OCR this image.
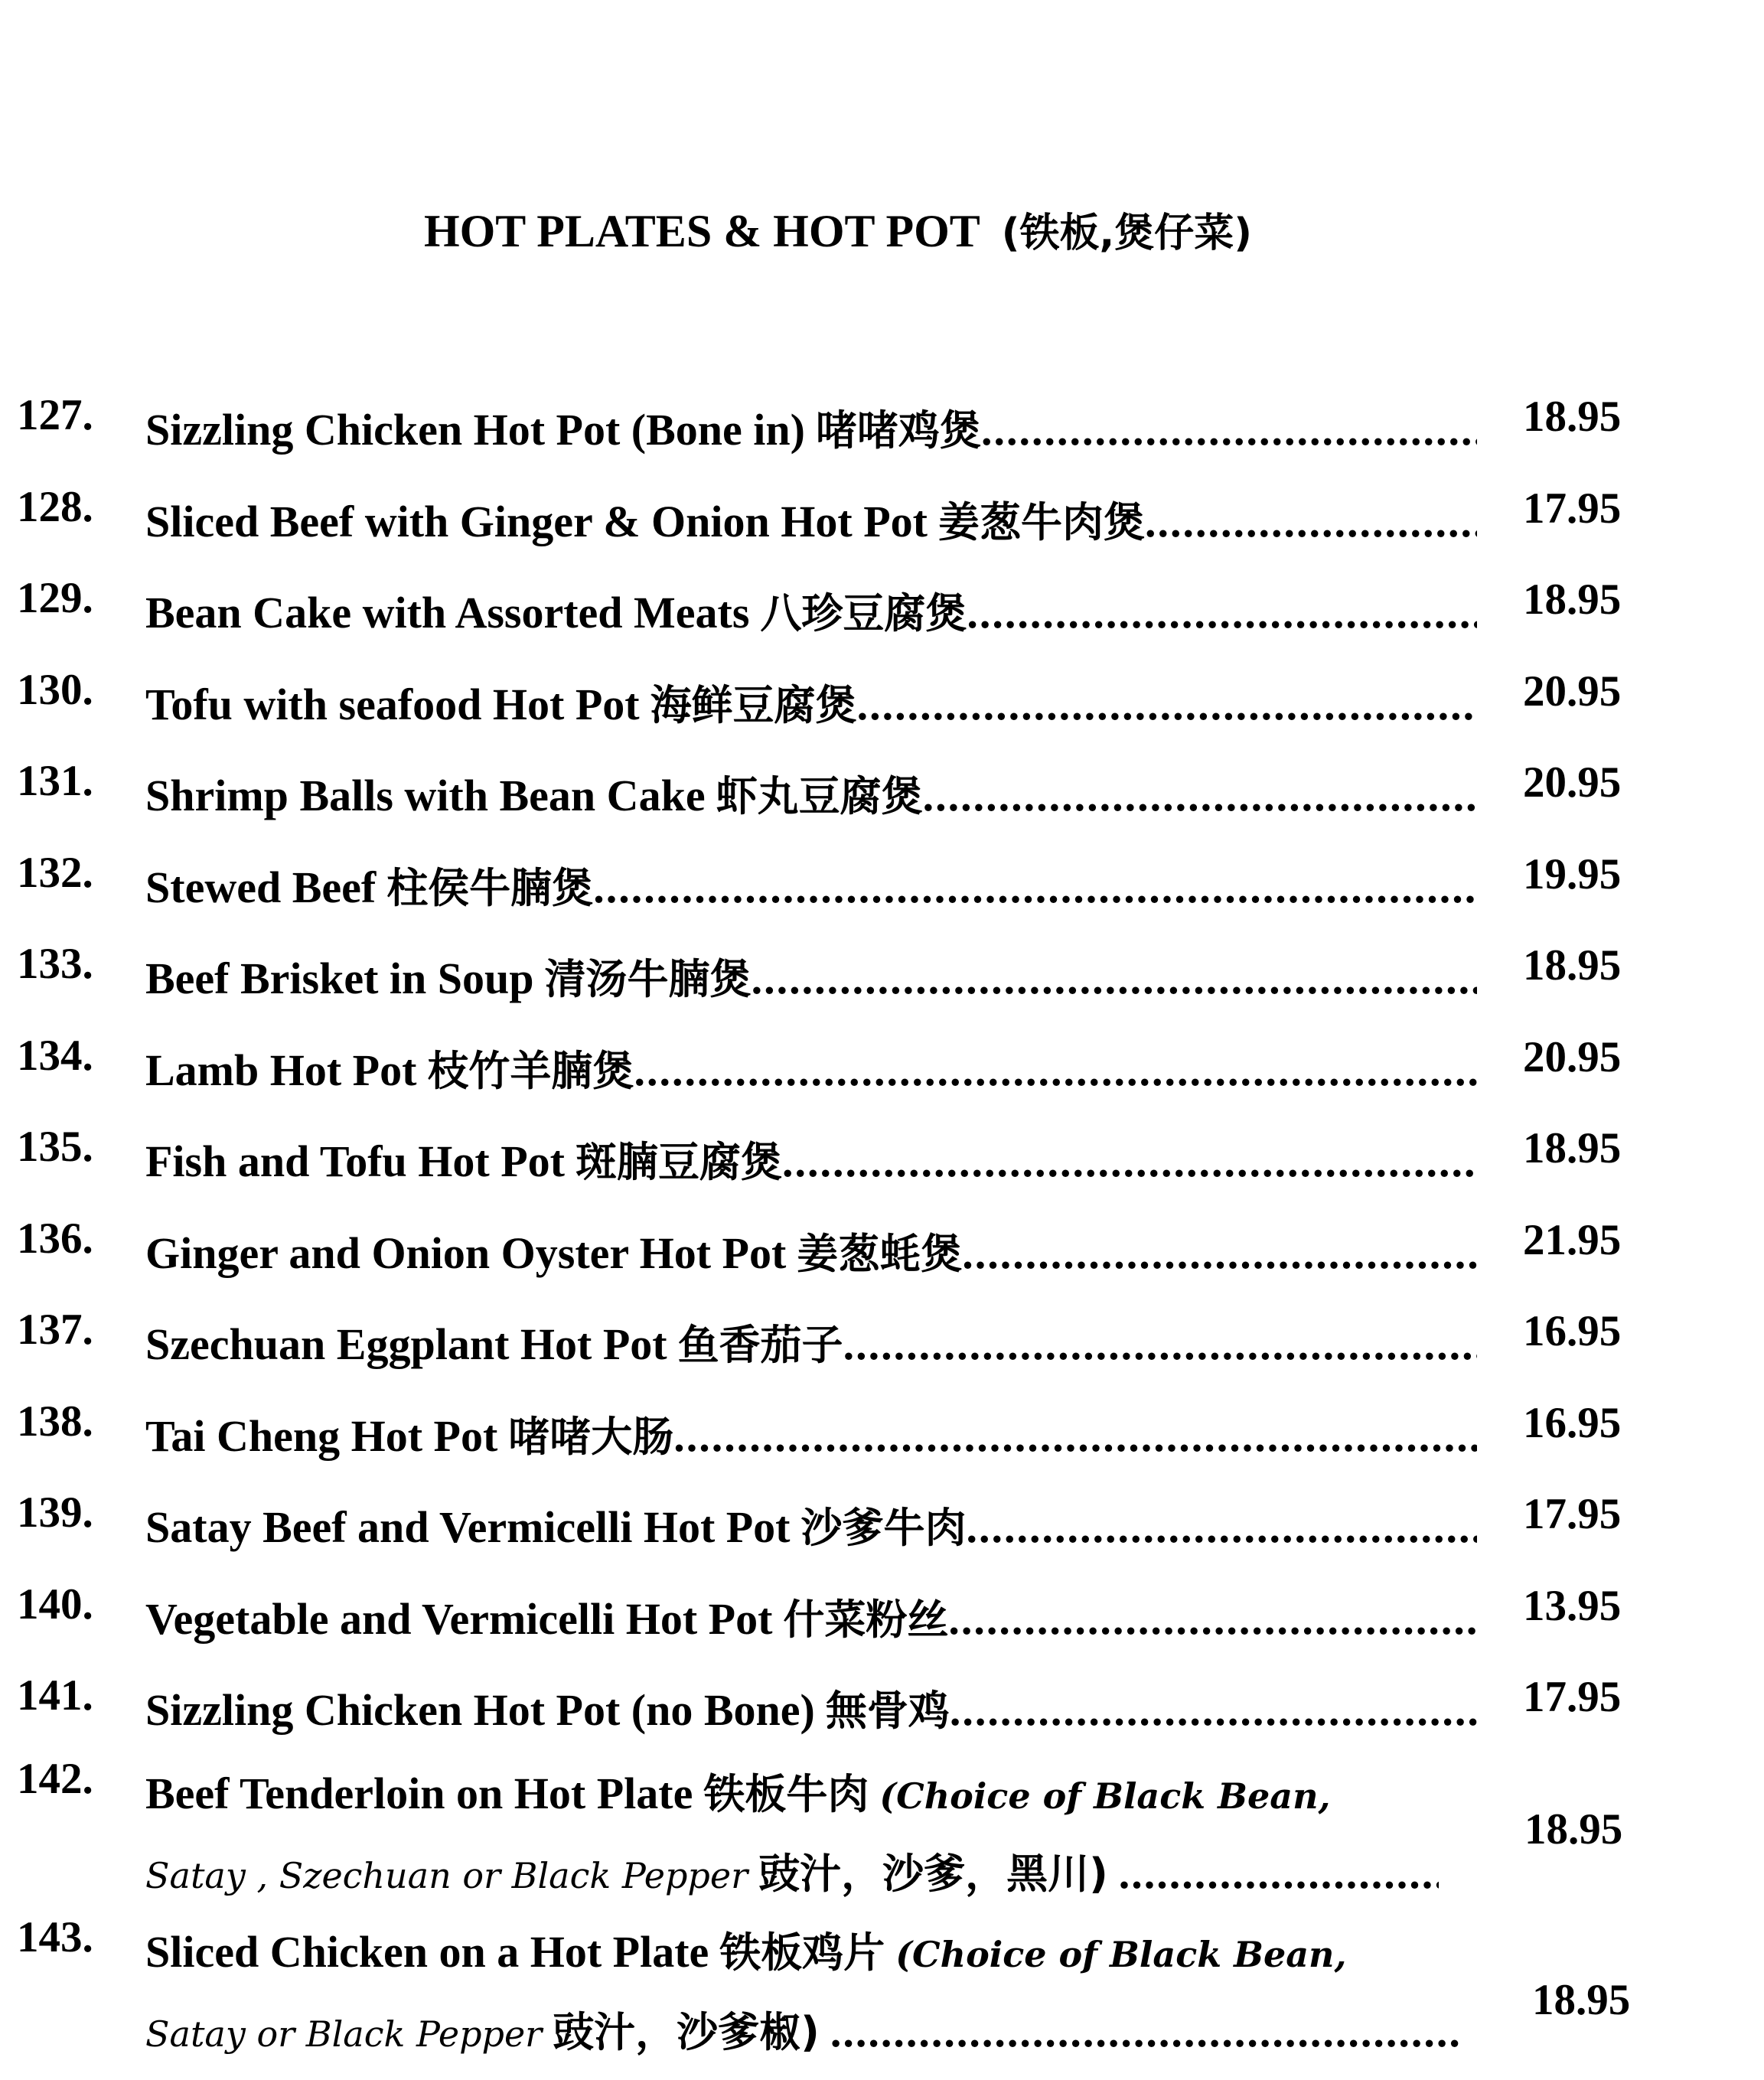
HOT PLATES & HOT POT (铁板,煲仔菜)
127. Sizzling Chicken Hot Pot (Bone in) 啫啫鸡煲 .....	18.95
128. Sliced Beef with Ginger & Onion Hot Pot 姜葱牛肉煲 .....	17.95
129. Bean Cake with Assorted Meats 八珍豆腐煲 .....	18.95
130. Tofu with seafood Hot Pot 海鲜豆腐煲 .....	20.95
131. Shrimp Balls with Bean Cake 虾丸豆腐煲 .....	20.95
132. Stewed Beef 柱侯牛腩煲 .....	19.95
133. Beef Brisket in Soup 清汤牛腩煲 .....	18.95
134. Lamb Hot Pot 枝竹羊腩煲 .....	20.95
135. Fish and Tofu Hot Pot 斑腩豆腐煲 .....	18.95
136. Ginger and Onion Oyster Hot Pot 姜葱蚝煲 .....	21.95
137. Szechuan Eggplant Hot Pot 鱼香茄子 .....	16.95
138. Tai Cheng Hot Pot 啫啫大肠 .....	16.95
139. Satay Beef and Vermicelli Hot Pot 沙爹牛肉 .....	17.95
140. Vegetable and Vermicelli Hot Pot 什菜粉丝 .....	13.95
141. Sizzling Chicken Hot Pot (no Bone) 無骨鸡 .....	17.95
142. Beef Tenderloin on Hot Plate 铁板牛肉 (Choice of Black Bean,
Satay , Szechuan or Black Pepper 豉汁，沙爹，黑川)
.....
18.95
143. Sliced Chicken on a Hot Plate 铁板鸡片 (Choice of Black Bean,
Satay or Black Pepper 豉汁，沙爹椒)
.....
18.95
